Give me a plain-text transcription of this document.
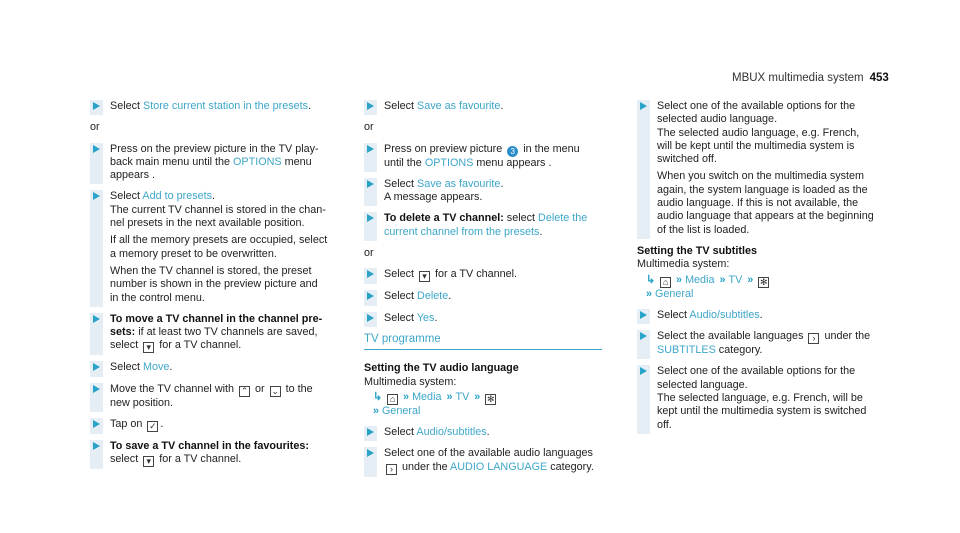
MBUX multimedia system 453
Select Store current station in the presets.
or
Press on the preview picture in the TV play-back main menu until the OPTIONS menu appears .
Select Add to presets.
The current TV channel is stored in the chan-nel presets in the next available position.
If all the memory presets are occupied, select a memory preset to be overwritten.
When the TV channel is stored, the preset number is shown in the preview picture and in the control menu.
To move a TV channel in the channel pre-sets: if at least two TV channels are saved, select ▾ for a TV channel.
Select Move.
Move the TV channel with ⌃ or ⌄ to the new position.
Tap on ✓ .
To save a TV channel in the favourites: select ▾ for a TV channel.
Select Save as favourite.
or
Press on preview picture 3 in the menu until the OPTIONS menu appears .
Select Save as favourite.
A message appears.
To delete a TV channel: select Delete the current channel from the presets.
or
Select ▾ for a TV channel.
Select Delete.
Select Yes.
TV programme
Setting the TV audio language
Multimedia system:
↳ ⌂ » Media » TV » ✻
» General
Select Audio/subtitles.
Select one of the available audio languages › under the AUDIO LANGUAGE category.
Select one of the available options for the selected audio language.
The selected audio language, e.g. French, will be kept until the multimedia system is switched off.
When you switch on the multimedia system again, the system language is loaded as the audio language. If this is not available, the audio language that appears at the beginning of the list is loaded.
Setting the TV subtitles
Multimedia system:
↳ ⌂ » Media » TV » ✻
» General
Select Audio/subtitles.
Select the available languages › under the SUBTITLES category.
Select one of the available options for the selected language.
The selected language, e.g. French, will be kept until the multimedia system is switched off.
